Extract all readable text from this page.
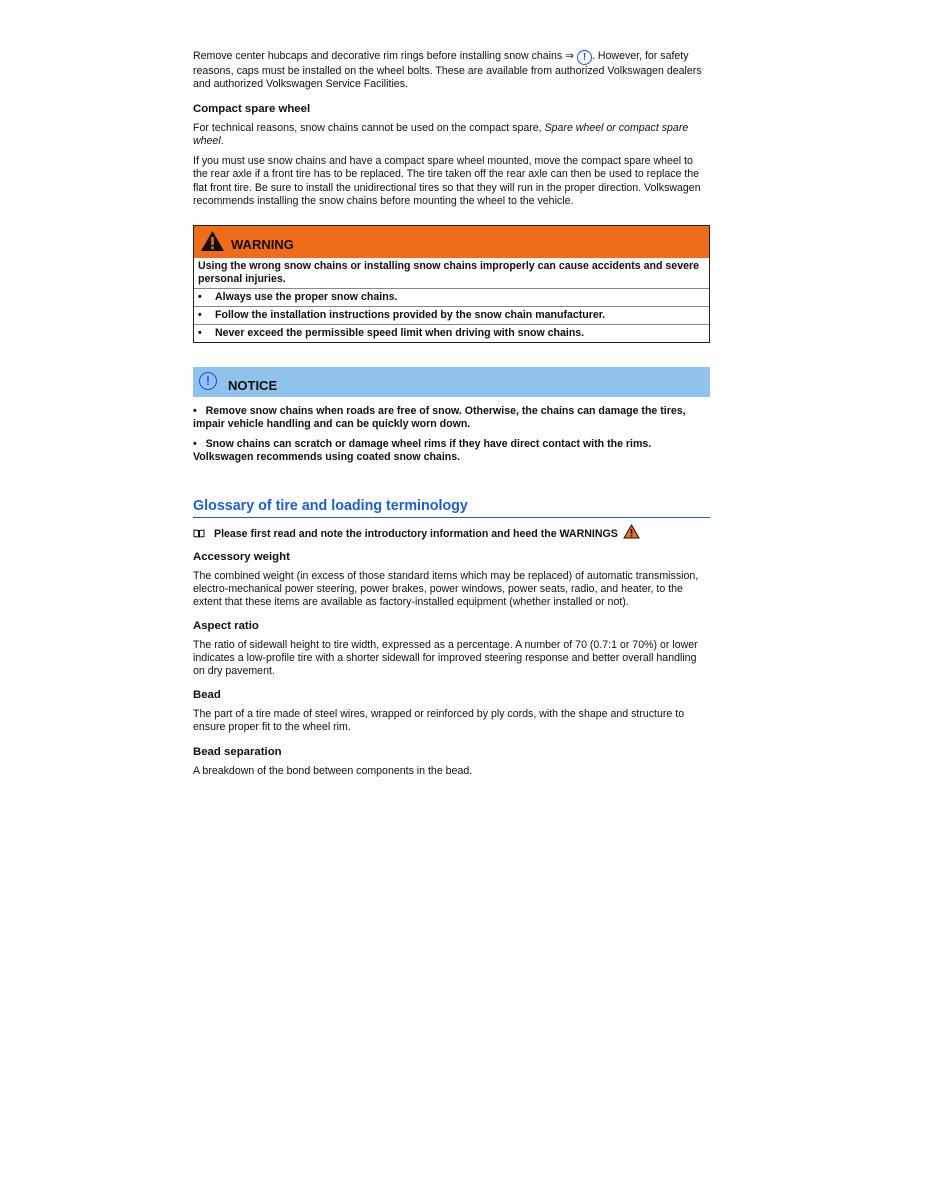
Remove center hubcaps and decorative rim rings before installing snow chains ⇒ ! . However, for safety reasons, caps must be installed on the wheel bolts. These are available from authorized Volkswagen dealers and authorized Volkswagen Service Facilities.

Compact spare wheel

For technical reasons, snow chains cannot be used on the compact spare, Spare wheel or compact spare wheel.

If you must use snow chains and have a compact spare wheel mounted, move the compact spare wheel to the rear axle if a front tire has to be replaced. The tire taken off the rear axle can then be used to replace the flat front tire. Be sure to install the unidirectional tires so that they will run in the proper direction. Volkswagen recommends installing the snow chains before mounting the wheel to the vehicle.

WARNING
Using the wrong snow chains or installing snow chains improperly can cause accidents and severe personal injuries.
•	Always use the proper snow chains.
•	Follow the installation instructions provided by the snow chain manufacturer.
•	Never exceed the permissible speed limit when driving with snow chains.
!	NOTICE
• Remove snow chains when roads are free of snow. Otherwise, the chains can damage the tires, impair vehicle handling and can be quickly worn down.
• Snow chains can scratch or damage wheel rims if they have direct contact with the rims. Volkswagen recommends using coated snow chains.
Glossary of tire and loading terminology
Please first read and note the introductory information and heed the WARNINGS
Accessory weight

The combined weight (in excess of those standard items which may be replaced) of automatic transmission, electro-mechanical power steering, power brakes, power windows, power seats, radio, and heater, to the extent that these items are available as factory-installed equipment (whether installed or not).

Aspect ratio

The ratio of sidewall height to tire width, expressed as a percentage. A number of 70 (0.7:1 or 70%) or lower indicates a low-profile tire with a shorter sidewall for improved steering response and better overall handling on dry pavement.

Bead

The part of a tire made of steel wires, wrapped or reinforced by ply cords, with the shape and structure to ensure proper fit to the wheel rim.

Bead separation

A breakdown of the bond between components in the bead.
